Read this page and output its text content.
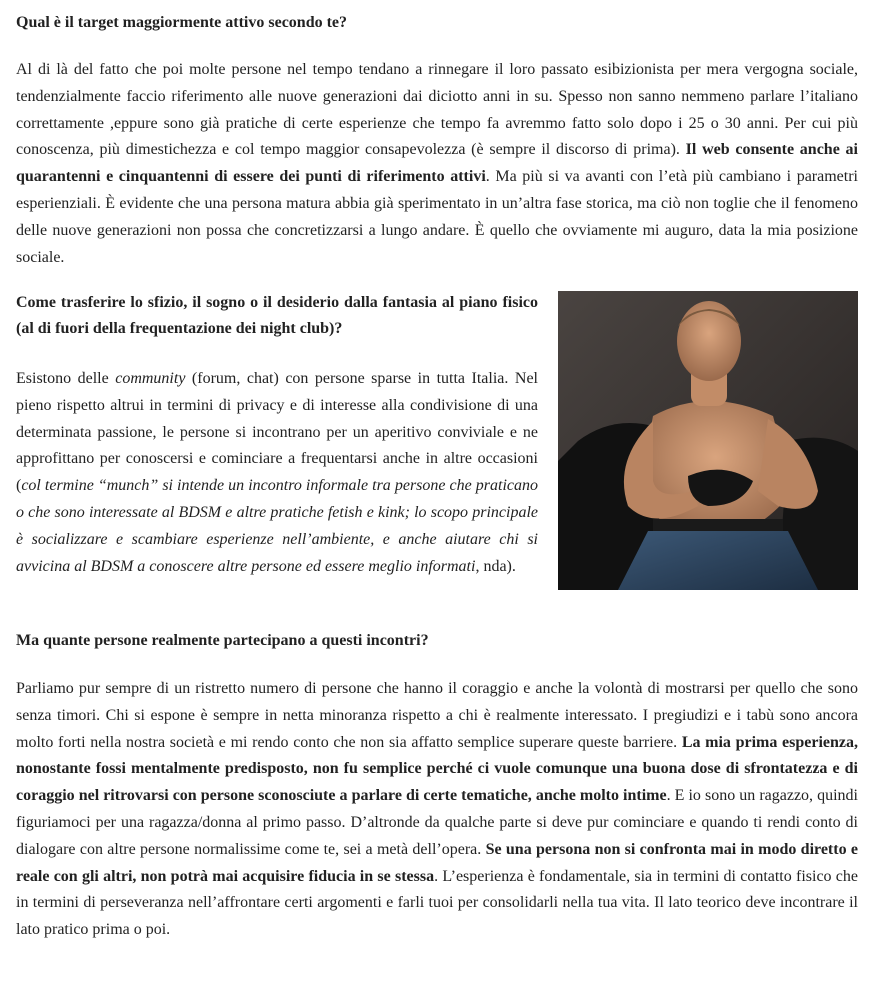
Qual è il target maggiormente attivo secondo te?

Al di là del fatto che poi molte persone nel tempo tendano a rinnegare il loro passato esibizionista per mera vergogna sociale, tendenzialmente faccio riferimento alle nuove generazioni dai diciotto anni in su. Spesso non sanno nemmeno parlare l’italiano correttamente ,eppure sono già pratiche di certe esperienze che tempo fa avremmo fatto solo dopo i 25 o 30 anni. Per cui più conoscenza, più dimestichezza e col tempo maggior consapevolezza (è sempre il discorso di prima). Il web consente anche ai quarantenni e cinquantenni di essere dei punti di riferimento attivi. Ma più si va avanti con l’età più cambiano i parametri esperienziali. È evidente che una persona matura abbia già sperimentato in un’altra fase storica, ma ciò non toglie che il fenomeno delle nuove generazioni non possa che concretizzarsi a lungo andare. È quello che ovviamente mi auguro, data la mia posizione sociale.

Come trasferire lo sfizio, il sogno o il desiderio dalla fantasia al piano fisico (al di fuori della frequentazione dei night club)?

Esistono delle community (forum, chat) con persone sparse in tutta Italia. Nel pieno rispetto altrui in termini di privacy e di interesse alla condivisione di una determinata passione, le persone si incontrano per un aperitivo conviviale e ne approfittano per conoscersi e cominciare a frequentarsi anche in altre occasioni (col termine “munch” si intende un incontro informale tra persone che praticano o che sono interessate al BDSM e altre pratiche fetish e kink; lo scopo principale è socializzare e scambiare esperienze nell’ambiente, e anche aiutare chi si avvicina al BDSM a conoscere altre persone ed essere meglio informati, nda).

Ma quante persone realmente partecipano a questi incontri?

Parliamo pur sempre di un ristretto numero di persone che hanno il coraggio e anche la volontà di mostrarsi per quello che sono senza timori. Chi si espone è sempre in netta minoranza rispetto a chi è realmente interessato. I pregiudizi e i tabù sono ancora molto forti nella nostra società e mi rendo conto che non sia affatto semplice superare queste barriere. La mia prima esperienza, nonostante fossi mentalmente predisposto, non fu semplice perché ci vuole comunque una buona dose di sfrontatezza e di coraggio nel ritrovarsi con persone sconosciute a parlare di certe tematiche, anche molto intime. E io sono un ragazzo, quindi figuriamoci per una ragazza/donna al primo passo. D’altronde da qualche parte si deve pur cominciare e quando ti rendi conto di dialogare con altre persone normalissime come te, sei a metà dell’opera. Se una persona non si confronta mai in modo diretto e reale con gli altri, non potrà mai acquisire fiducia in se stessa. L’esperienza è fondamentale, sia in termini di contatto fisico che in termini di perseveranza nell’affrontare certi argomenti e farli tuoi per consolidarli nella tua vita. Il lato teorico deve incontrare il lato pratico prima o poi.
